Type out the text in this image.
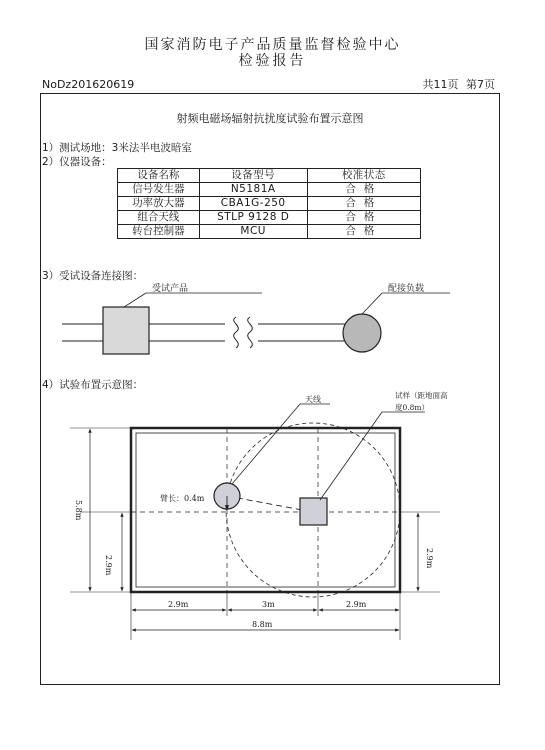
国家消防电子产品质量监督检验中心
检验报告
NoDz201620619	共11页 第7页
射频电磁场辐射抗扰度试验布置示意图
1）测试场地：3米法半电波暗室
2）仪器设备：
设备名称	设备型号	校准状态
信号发生器	N5181A	合格
功率放大器	CBA1G-250	合格
组合天线	STLP 9128 D	合格
转台控制器	MCU	合格
3）受试设备连接图：
4）试验布置示意图：
受试产品	配接负载
天线	试样（距地面高
度0.8m）
臂长：0.4m
5.8m
2.9m	2.9m
2.9m	3m	2.9m
8.8m
